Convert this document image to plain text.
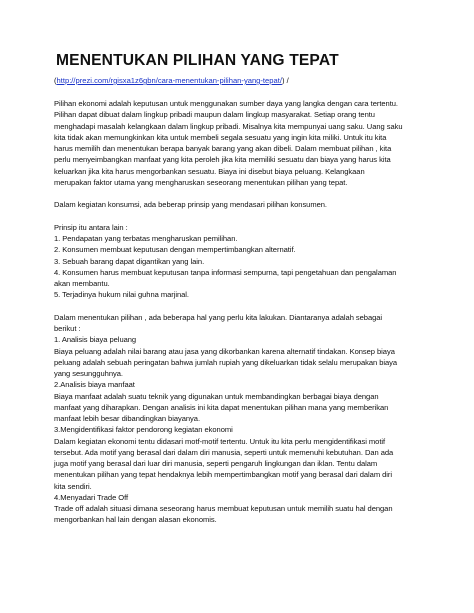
MENENTUKAN PILIHAN YANG TEPAT
(http://prezi.com/rgisxa1z6gbn/cara-menentukan-pilihan-yang-tepat/) /
Pilihan ekonomi adalah keputusan untuk menggunakan sumber daya yang langka dengan cara tertentu.
Pilihan dapat dibuat dalam lingkup pribadi maupun dalam lingkup masyarakat. Setiap orang tentu
menghadapi masalah kelangkaan dalam lingkup pribadi. Misalnya kita mempunyai uang saku. Uang saku
kita tidak akan memungkinkan kita untuk membeli segala sesuatu yang ingin kita miliki. Untuk itu kita
harus memilih dan menentukan berapa banyak barang yang akan dibeli. Dalam membuat pilihan , kita
perlu menyeimbangkan manfaat yang kita peroleh jika kita memiliki sesuatu dan biaya yang harus kita
keluarkan jika kita harus mengorbankan sesuatu. Biaya ini disebut biaya peluang. Kelangkaan
merupakan faktor utama yang mengharuskan seseorang menentukan pilihan yang tepat.
Dalam kegiatan konsumsi, ada beberap prinsip yang mendasari pilihan konsumen.
Prinsip itu antara lain :
1. Pendapatan yang terbatas mengharuskan pemilihan.
2. Konsumen membuat keputusan dengan mempertimbangkan alternatif.
3. Sebuah barang dapat digantikan yang lain.
4. Konsumen harus membuat keputusan tanpa informasi sempurna, tapi pengetahuan dan pengalaman
akan membantu.
5. Terjadinya hukum nilai guhna marjinal.
Dalam menentukan pilihan , ada beberapa hal yang perlu kita lakukan. Diantaranya adalah sebagai
berikut :
1. Analisis biaya peluang
Biaya peluang adalah nilai barang atau jasa yang dikorbankan karena alternatif tindakan. Konsep biaya
peluang adalah sebuah peringatan bahwa jumlah rupiah yang dikeluarkan tidak selalu merupakan biaya
yang sesungguhnya.
2.Analisis biaya manfaat
Biaya manfaat adalah suatu teknik yang digunakan untuk membandingkan berbagai biaya dengan
manfaat yang diharapkan. Dengan analisis ini kita dapat menentukan pilihan mana yang memberikan
manfaat lebih besar dibandingkan biayanya.
3.Mengidentifikasi faktor pendorong kegiatan ekonomi
Dalam kegiatan ekonomi tentu didasari motf-motif tertentu. Untuk itu kita perlu mengidentifikasi motif
tersebut. Ada motif yang berasal dari dalam diri manusia, seperti untuk memenuhi kebutuhan. Dan ada
juga motif yang berasal dari luar diri manusia, seperti pengaruh lingkungan dan iklan. Tentu dalam
menentukan pilihan yang tepat hendaknya lebih mempertimbangkan motif yang berasal dari dalam diri
kita sendiri.
4.Menyadari Trade Off
Trade off adalah situasi dimana seseorang harus membuat keputusan untuk memilih suatu hal dengan
mengorbankan hal lain dengan alasan ekonomis.
